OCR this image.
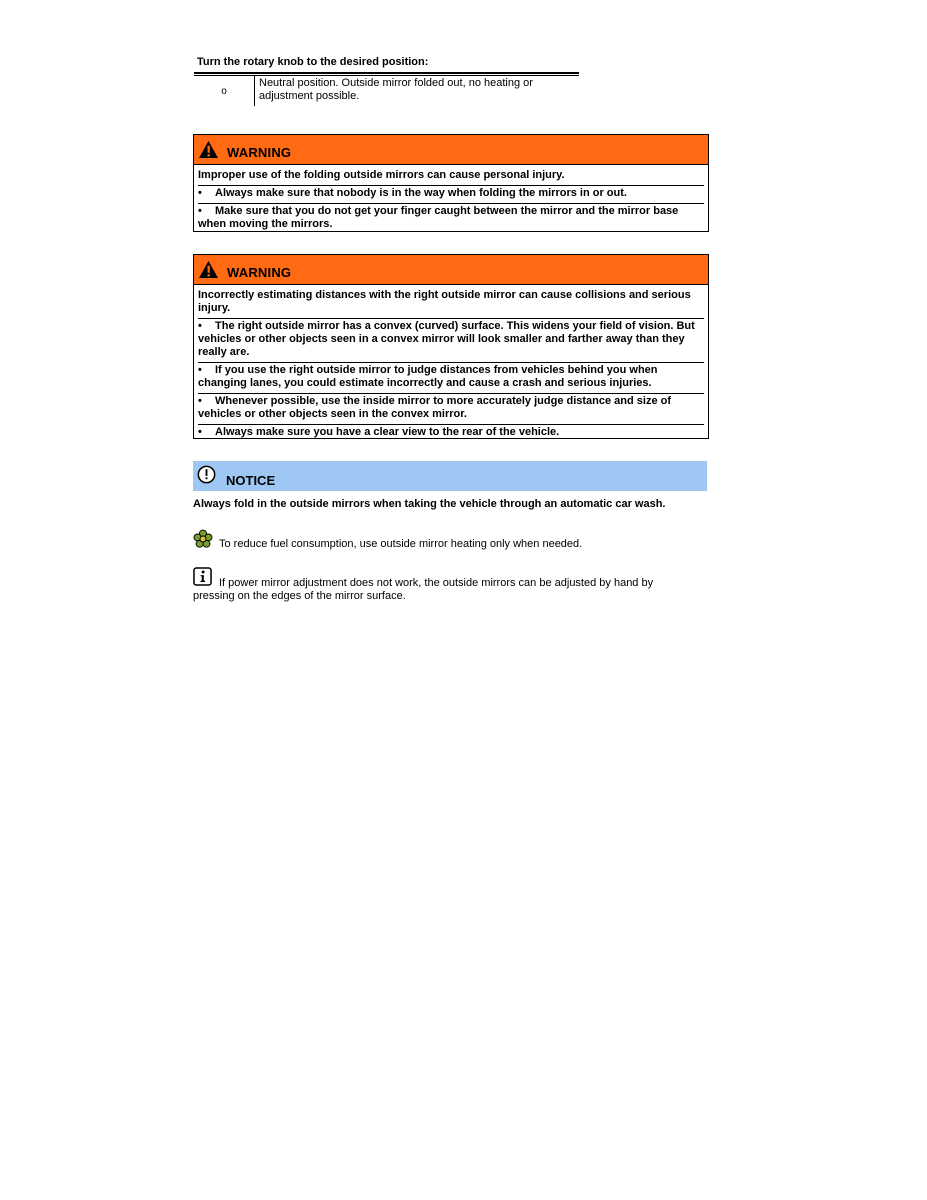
Turn the rotary knob to the desired position:
o
Neutral position. Outside mirror folded out, no heating or adjustment possible.
WARNING

Improper use of the folding outside mirrors can cause personal injury.

• Always make sure that nobody is in the way when folding the mirrors in or out.

• Make sure that you do not get your finger caught between the mirror and the mirror base when moving the mirrors.

WARNING

Incorrectly estimating distances with the right outside mirror can cause collisions and serious injury.

• The right outside mirror has a convex (curved) surface. This widens your field of vision. But vehicles or other objects seen in a convex mirror will look smaller and farther away than they really are.

• If you use the right outside mirror to judge distances from vehicles behind you when changing lanes, you could estimate incorrectly and cause a crash and serious injuries.

• Whenever possible, use the inside mirror to more accurately judge distance and size of vehicles or other objects seen in the convex mirror.

• Always make sure you have a clear view to the rear of the vehicle.

NOTICE
Always fold in the outside mirrors when taking the vehicle through an automatic car wash.
To reduce fuel consumption, use outside mirror heating only when needed.

If power mirror adjustment does not work, the outside mirrors can be adjusted by hand by pressing on the edges of the mirror surface.
